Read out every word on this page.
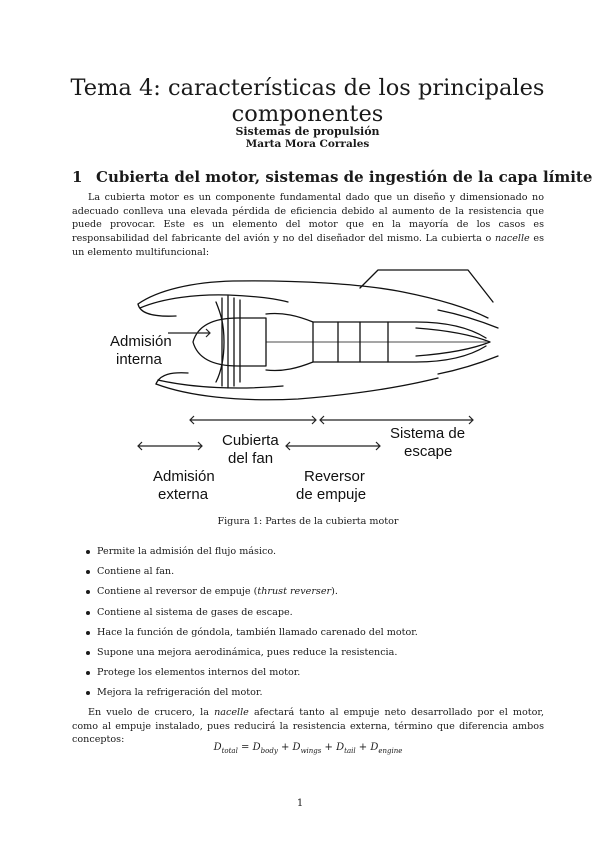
Tema 4: características de los principales
componentes
Sistemas de propulsión
Marta Mora Corrales
1 Cubierta del motor, sistemas de ingestión de la capa límite

La cubierta motor es un componente fundamental dado que un diseño y dimensionado no adecuado conlleva una elevada pérdida de eficiencia debido al aumento de la resistencia que puede provocar. Este es un elemento del motor que en la mayoría de los casos es responsabilidad del fabricante del avión y no del diseñador del mismo. La cubierta o nacelle es un elemento multifuncional:

Admisión
interna
Cubierta
del fan
Sistema de
escape
Admisión
externa
Reversor
de empuje
Figura 1: Partes de la cubierta motor
Permite la admisión del flujo másico.
Contiene al fan.
Contiene al reversor de empuje (thrust reverser).
Contiene al sistema de gases de escape.
Hace la función de góndola, también llamado carenado del motor.
Supone una mejora aerodinámica, pues reduce la resistencia.
Protege los elementos internos del motor.
Mejora la refrigeración del motor.

En vuelo de crucero, la nacelle afectará tanto al empuje neto desarrollado por el motor, como al empuje instalado, pues reducirá la resistencia externa, término que diferencia ambos conceptos:

$D_{total} = D_{body} + D_{wings} + D_{tail} + D_{engine}$
1
